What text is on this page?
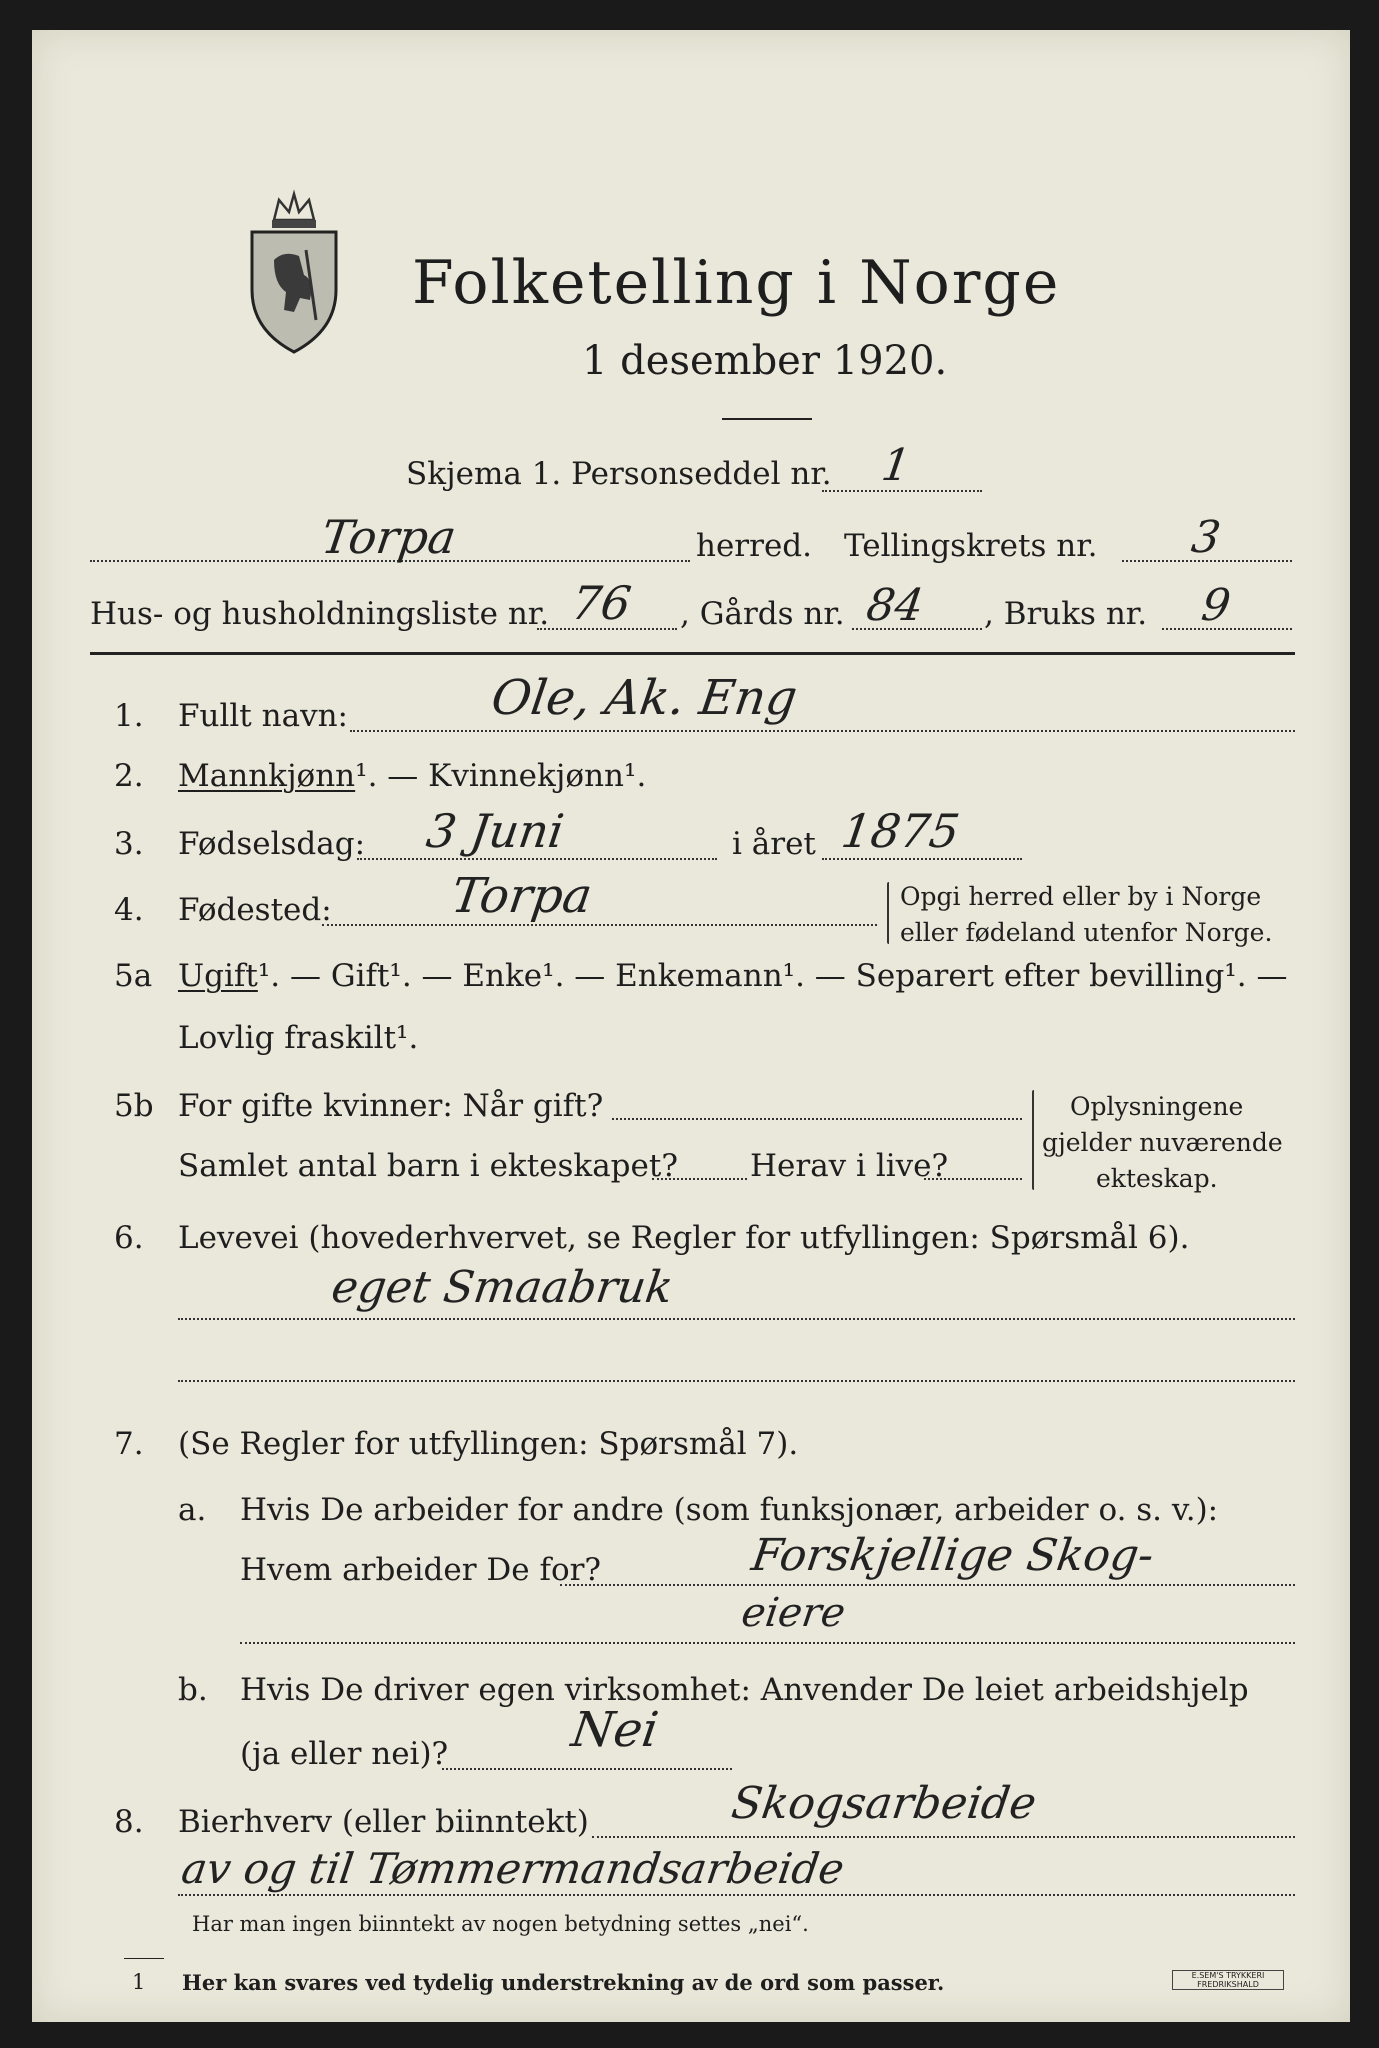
Folketelling i Norge
1 desember 1920.
Skjema 1. Personseddel nr. 1
Torpa	herred. Tellingskrets nr. 3
Hus- og husholdningsliste nr. 76 , Gårds nr. 84 , Bruks nr. 9
1. Fullt navn:	Ole, Ak. Eng
2. Mannkjønn¹. — Kvinnekjønn¹.
3. Fødselsdag: 3 Juni	i året 1875
4. Fødested: Torpa	Opgi herred eller by i Norge
eller fødeland utenfor Norge.
5a Ugift¹. — Gift¹. — Enke¹. — Enkemann¹. — Separert efter bevilling¹. —
Lovlig fraskilt¹.
5b For gifte kvinner: Når gift?
Samlet antal barn i ekteskapet? Herav i live?
Oplysningene
gjelder nuværende
ekteskap.
6. Levevei (hovederhvervet, se Regler for utfyllingen: Spørsmål 6).
eget Smaabruk
7. (Se Regler for utfyllingen: Spørsmål 7).
a. Hvis De arbeider for andre (som funksjonær, arbeider o. s. v.):
Hvem arbeider De for?	Forskjellige Skog-
eiere
b. Hvis De driver egen virksomhet: Anvender De leiet arbeidshjelp
(ja eller nei)? Nei
8. Bierhverv (eller biinntekt)	Skogsarbeide
av og til Tømmermandsarbeide
Har man ingen biinntekt av nogen betydning settes „nei“.
1 Her kan svares ved tydelig understrekning av de ord som passer.	E.SEM'S TRYKKERI FREDRIKSHALD
